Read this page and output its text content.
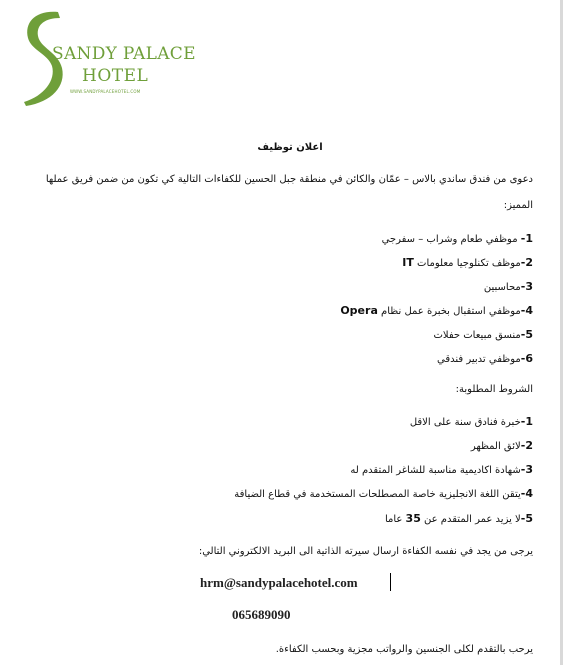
SANDY PALACE
HOTEL
WWW.SANDYPALACEHOTEL.COM
اعلان توظيف
دعوى من فندق ساندي بالاس – عمّان والكائن في منطقة جبل الحسين للكفاءات التالية كي تكون من ضمن فريق عملها
المميز:
1- موظفي طعام وشراب – سفرجي
2-موظف تكنلوجيا معلومات IT
3-محاسبين
4-موظفي استقبال بخبرة عمل نظام Opera
5-منسق مبيعات حفلات
6-موظفي تدبير فندقي
الشروط المطلوبة:
1-خبرة فنادق سنة على الاقل
2-لائق المظهر
3-شهادة اكاديمية مناسبة للشاغر المتقدم له
4-يتقن اللغة الانجليزية خاصة المصطلحات المستخدمة في قطاع الضيافة
5-لا يزيد عمر المتقدم عن 35 عاما
يرجى من يجد في نفسه الكفاءة ارسال سيرته الذاتية الى البريد الالكتروني التالي:
hrm@sandypalacehotel.com
065689090
يرحب بالتقدم لكلى الجنسين والرواتب مجزية وبحسب الكفاءة.
